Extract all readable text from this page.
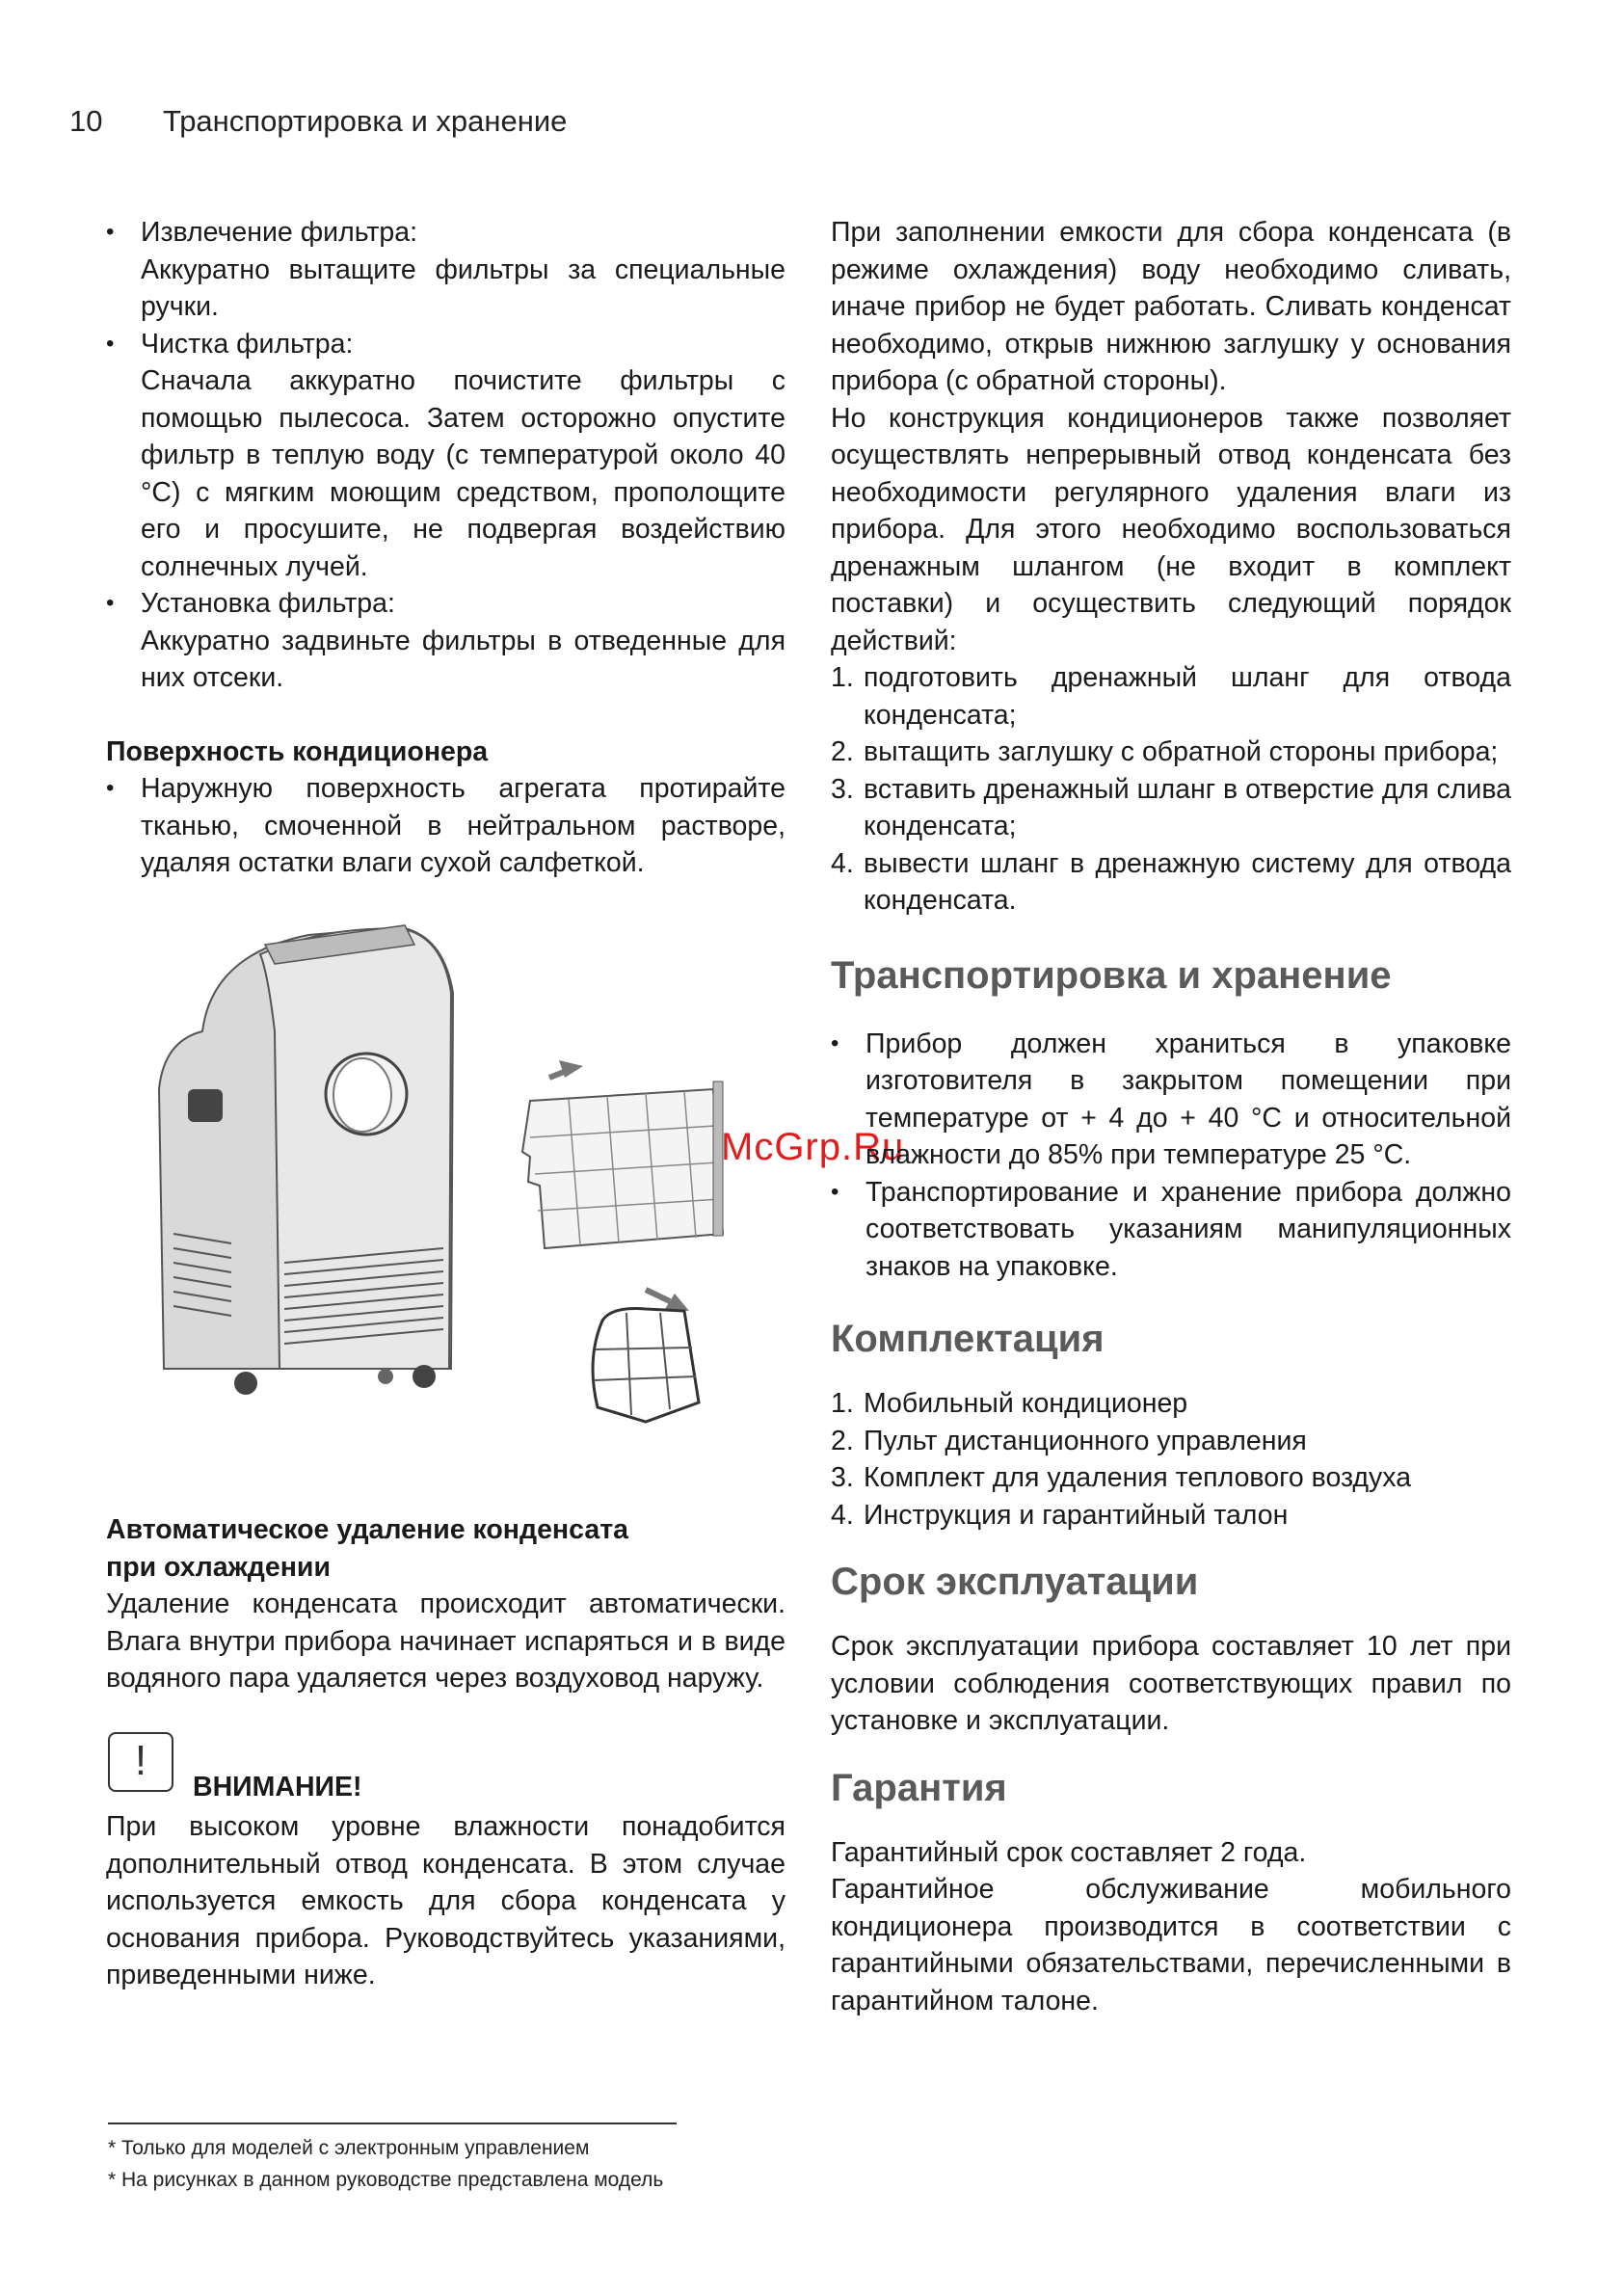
10 Транспортировка и хранение
• Извлечение фильтра:

Аккуратно вытащите фильтры за специальные ручки.

• Чистка фильтра:

Сначала аккуратно почистите фильтры с помощью пылесоса. Затем осторожно опустите фильтр в теплую воду (с температурой около 40 °C) с мягким моющим средством, прополощите его и просушите, не подвергая воздействию солнечных лучей.

• Установка фильтра:

Аккуратно задвиньте фильтры в отведенные для них отсеки.

Поверхность кондиционера

• Наружную поверхность агрегата протирайте тканью, смоченной в нейтральном растворе, удаляя остатки влаги сухой салфеткой.

McGrp.Ru
Автоматическое удаление конденсата
при охлаждении

Удаление конденсата происходит автоматически. Влага внутри прибора начинает испаряться и в виде водяного пара удаляется через воздуховод наружу.

!
ВНИМАНИЕ!

При высоком уровне влажности понадобится дополнительный отвод конденсата. В этом случае используется емкость для сбора конденсата у основания прибора. Руководствуйтесь указаниями, приведенными ниже.

* Только для моделей с электронным управлением
* На рисунках в данном руководстве представлена модель

При заполнении емкости для сбора конденсата (в режиме охлаждения) воду необходимо сливать, иначе прибор не будет работать. Сливать конденсат необходимо, открыв нижнюю заглушку у основания прибора (с обратной стороны).

Но конструкция кондиционеров также позволяет осуществлять непрерывный отвод конденсата без необходимости регулярного удаления влаги из прибора. Для этого необходимо воспользоваться дренажным шлангом (не входит в комплект поставки) и осуществить следующий порядок действий:

1. подготовить дренажный шланг для отвода конденсата;
2. вытащить заглушку с обратной стороны прибора;
3. вставить дренажный шланг в отверстие для слива конденсата;
4. вывести шланг в дренажную систему для отвода конденсата.
Транспортировка и хранение

• Прибор должен храниться в упаковке изготовителя в закрытом помещении при температуре от + 4 до + 40 °C и относительной влажности до 85% при температуре 25 °C.

• Транспортирование и хранение прибора должно соответствовать указаниям манипуляционных знаков на упаковке.

Комплектация
1. Мобильный кондиционер
2. Пульт дистанционного управления
3. Комплект для удаления теплового воздуха
4. Инструкция и гарантийный талон
Срок эксплуатации

Срок эксплуатации прибора составляет 10 лет при условии соблюдения соответствующих правил по установке и эксплуатации.

Гарантия

Гарантийный срок составляет 2 года.

Гарантийное обслуживание мобильного кондиционера производится в соответствии с гарантийными обязательствами, перечисленными в гарантийном талоне.
